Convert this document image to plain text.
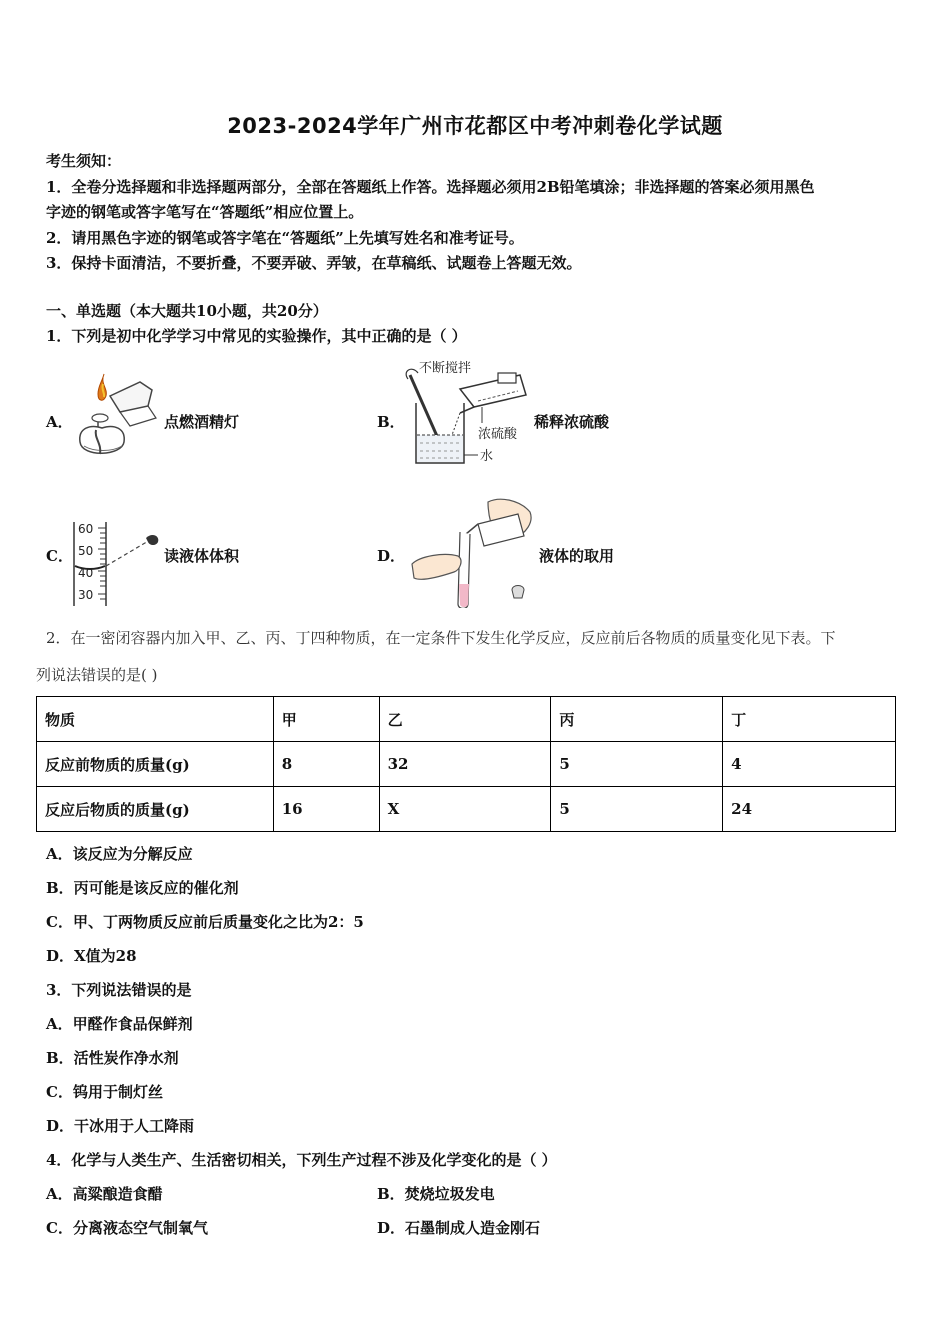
2023-2024学年广州市花都区中考冲刺卷化学试题
考生须知：
1．全卷分选择题和非选择题两部分，全部在答题纸上作答。选择题必须用2B铅笔填涂；非选择题的答案必须用黑色
字迹的钢笔或答字笔写在“答题纸”相应位置上。
2．请用黑色字迹的钢笔或答字笔在“答题纸”上先填写姓名和准考证号。
3．保持卡面清洁，不要折叠，不要弄破、弄皱，在草稿纸、试题卷上答题无效。
一、单选题（本大题共10小题，共20分）
1．下列是初中化学学习中常见的实验操作，其中正确的是（ ）
A．	点燃酒精灯	B．
不断搅拌
浓硫酸
水
稀释浓硫酸
C．
60
50
40
30
读液体体积	D．	液体的取用
2．在一密闭容器内加入甲、乙、丙、丁四种物质，在一定条件下发生化学反应，反应前后各物质的质量变化见下表。下
列说法错误的是( )
物质	甲	乙	丙	丁
反应前物质的质量(g)	8	32	5	4
反应后物质的质量(g)	16	X	5	24
A．该反应为分解反应
B．丙可能是该反应的催化剂
C．甲、丁两物质反应前后质量变化之比为2：5
D．X值为28
3．下列说法错误的是
A．甲醛作食品保鲜剂
B．活性炭作净水剂
C．钨用于制灯丝
D．干冰用于人工降雨
4．化学与人类生产、生活密切相关，下列生产过程不涉及化学变化的是（ ）
A．高粱酿造食醋	B．焚烧垃圾发电
C．分离液态空气制氧气	D．石墨制成人造金刚石
